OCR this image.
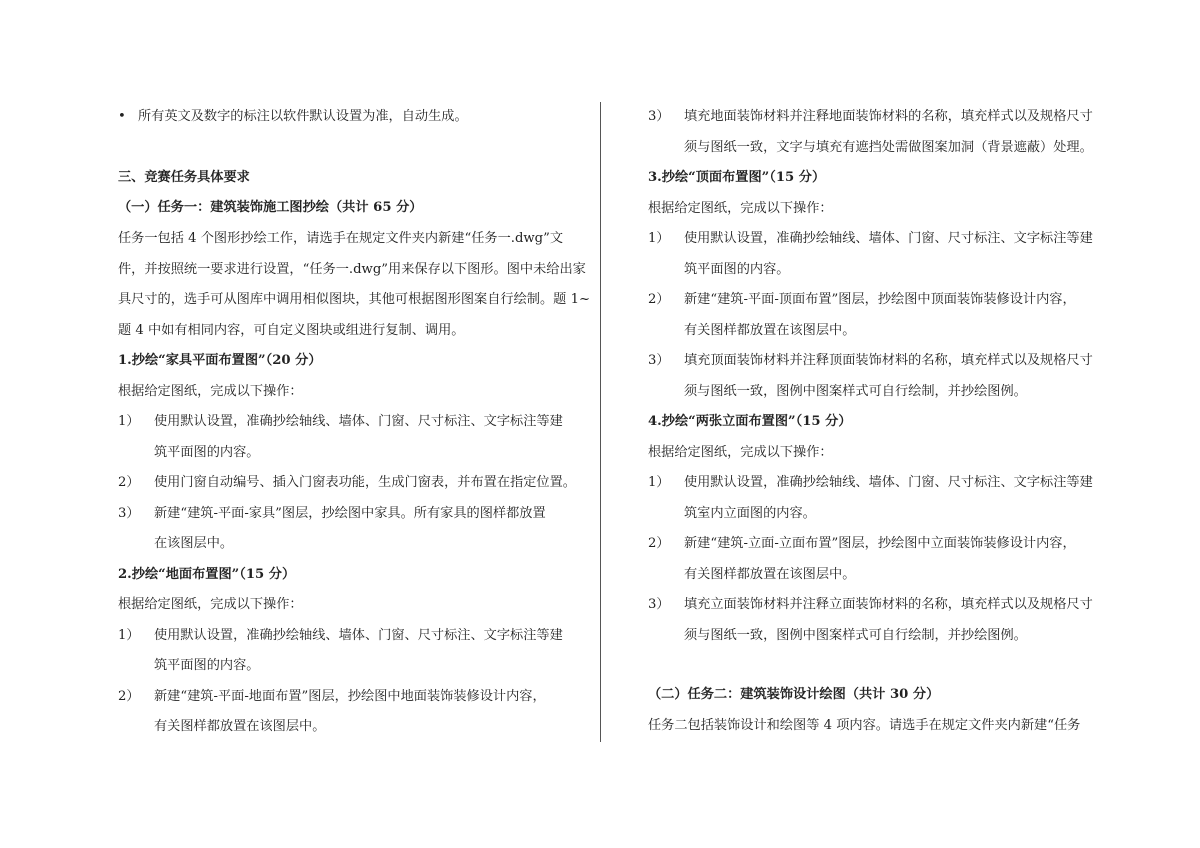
• 所有英文及数字的标注以软件默认设置为准，自动生成。
三、竞赛任务具体要求
（一）任务一：建筑装饰施工图抄绘（共计 65 分）
任务一包括 4 个图形抄绘工作，请选手在规定文件夹内新建“任务一.dwg”文
件，并按照统一要求进行设置，“任务一.dwg”用来保存以下图形。图中未给出家
具尺寸的，选手可从图库中调用相似图块，其他可根据图形图案自行绘制。题 1~
题 4 中如有相同内容，可自定义图块或组进行复制、调用。
1.抄绘“家具平面布置图”（20 分）
根据给定图纸，完成以下操作：
1） 使用默认设置，准确抄绘轴线、墙体、门窗、尺寸标注、文字标注等建
筑平面图的内容。
2） 使用门窗自动编号、插入门窗表功能，生成门窗表，并布置在指定位置。
3） 新建“建筑-平面-家具”图层，抄绘图中家具。所有家具的图样都放置
在该图层中。
2.抄绘“地面布置图”（15 分）
根据给定图纸，完成以下操作：
1） 使用默认设置，准确抄绘轴线、墙体、门窗、尺寸标注、文字标注等建
筑平面图的内容。
2） 新建“建筑-平面-地面布置”图层，抄绘图中地面装饰装修设计内容，
有关图样都放置在该图层中。
3） 填充地面装饰材料并注释地面装饰材料的名称，填充样式以及规格尺寸
须与图纸一致，文字与填充有遮挡处需做图案加洞（背景遮蔽）处理。
3.抄绘“顶面布置图”（15 分）
根据给定图纸，完成以下操作：
1） 使用默认设置，准确抄绘轴线、墙体、门窗、尺寸标注、文字标注等建
筑平面图的内容。
2） 新建“建筑-平面-顶面布置”图层，抄绘图中顶面装饰装修设计内容，
有关图样都放置在该图层中。
3） 填充顶面装饰材料并注释顶面装饰材料的名称，填充样式以及规格尺寸
须与图纸一致，图例中图案样式可自行绘制，并抄绘图例。
4.抄绘“两张立面布置图”（15 分）
根据给定图纸，完成以下操作：
1） 使用默认设置，准确抄绘轴线、墙体、门窗、尺寸标注、文字标注等建
筑室内立面图的内容。
2） 新建“建筑-立面-立面布置”图层，抄绘图中立面装饰装修设计内容，
有关图样都放置在该图层中。
3） 填充立面装饰材料并注释立面装饰材料的名称，填充样式以及规格尺寸
须与图纸一致，图例中图案样式可自行绘制，并抄绘图例。
（二）任务二：建筑装饰设计绘图（共计 30 分）
任务二包括装饰设计和绘图等 4 项内容。请选手在规定文件夹内新建“任务
